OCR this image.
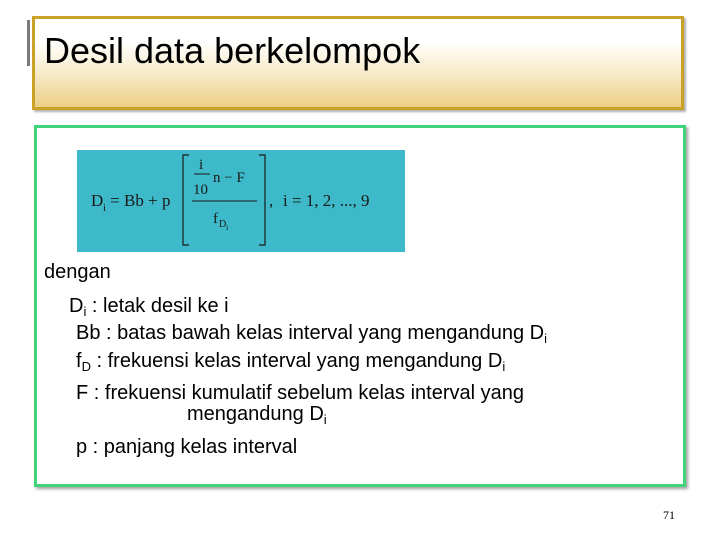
Desil data berkelompok
D i = Bb + p
i
10
n − F
f D i
, i = 1, 2, ..., 9
dengan
$D_i$ : letak desil ke i
Bb : batas bawah kelas interval yang mengandung $D_i$
$f_D$ : frekuensi kelas interval yang mengandung $D_i$
F : frekuensi kumulatif sebelum kelas interval yang
mengandung $D_i$
p : panjang kelas interval
71
